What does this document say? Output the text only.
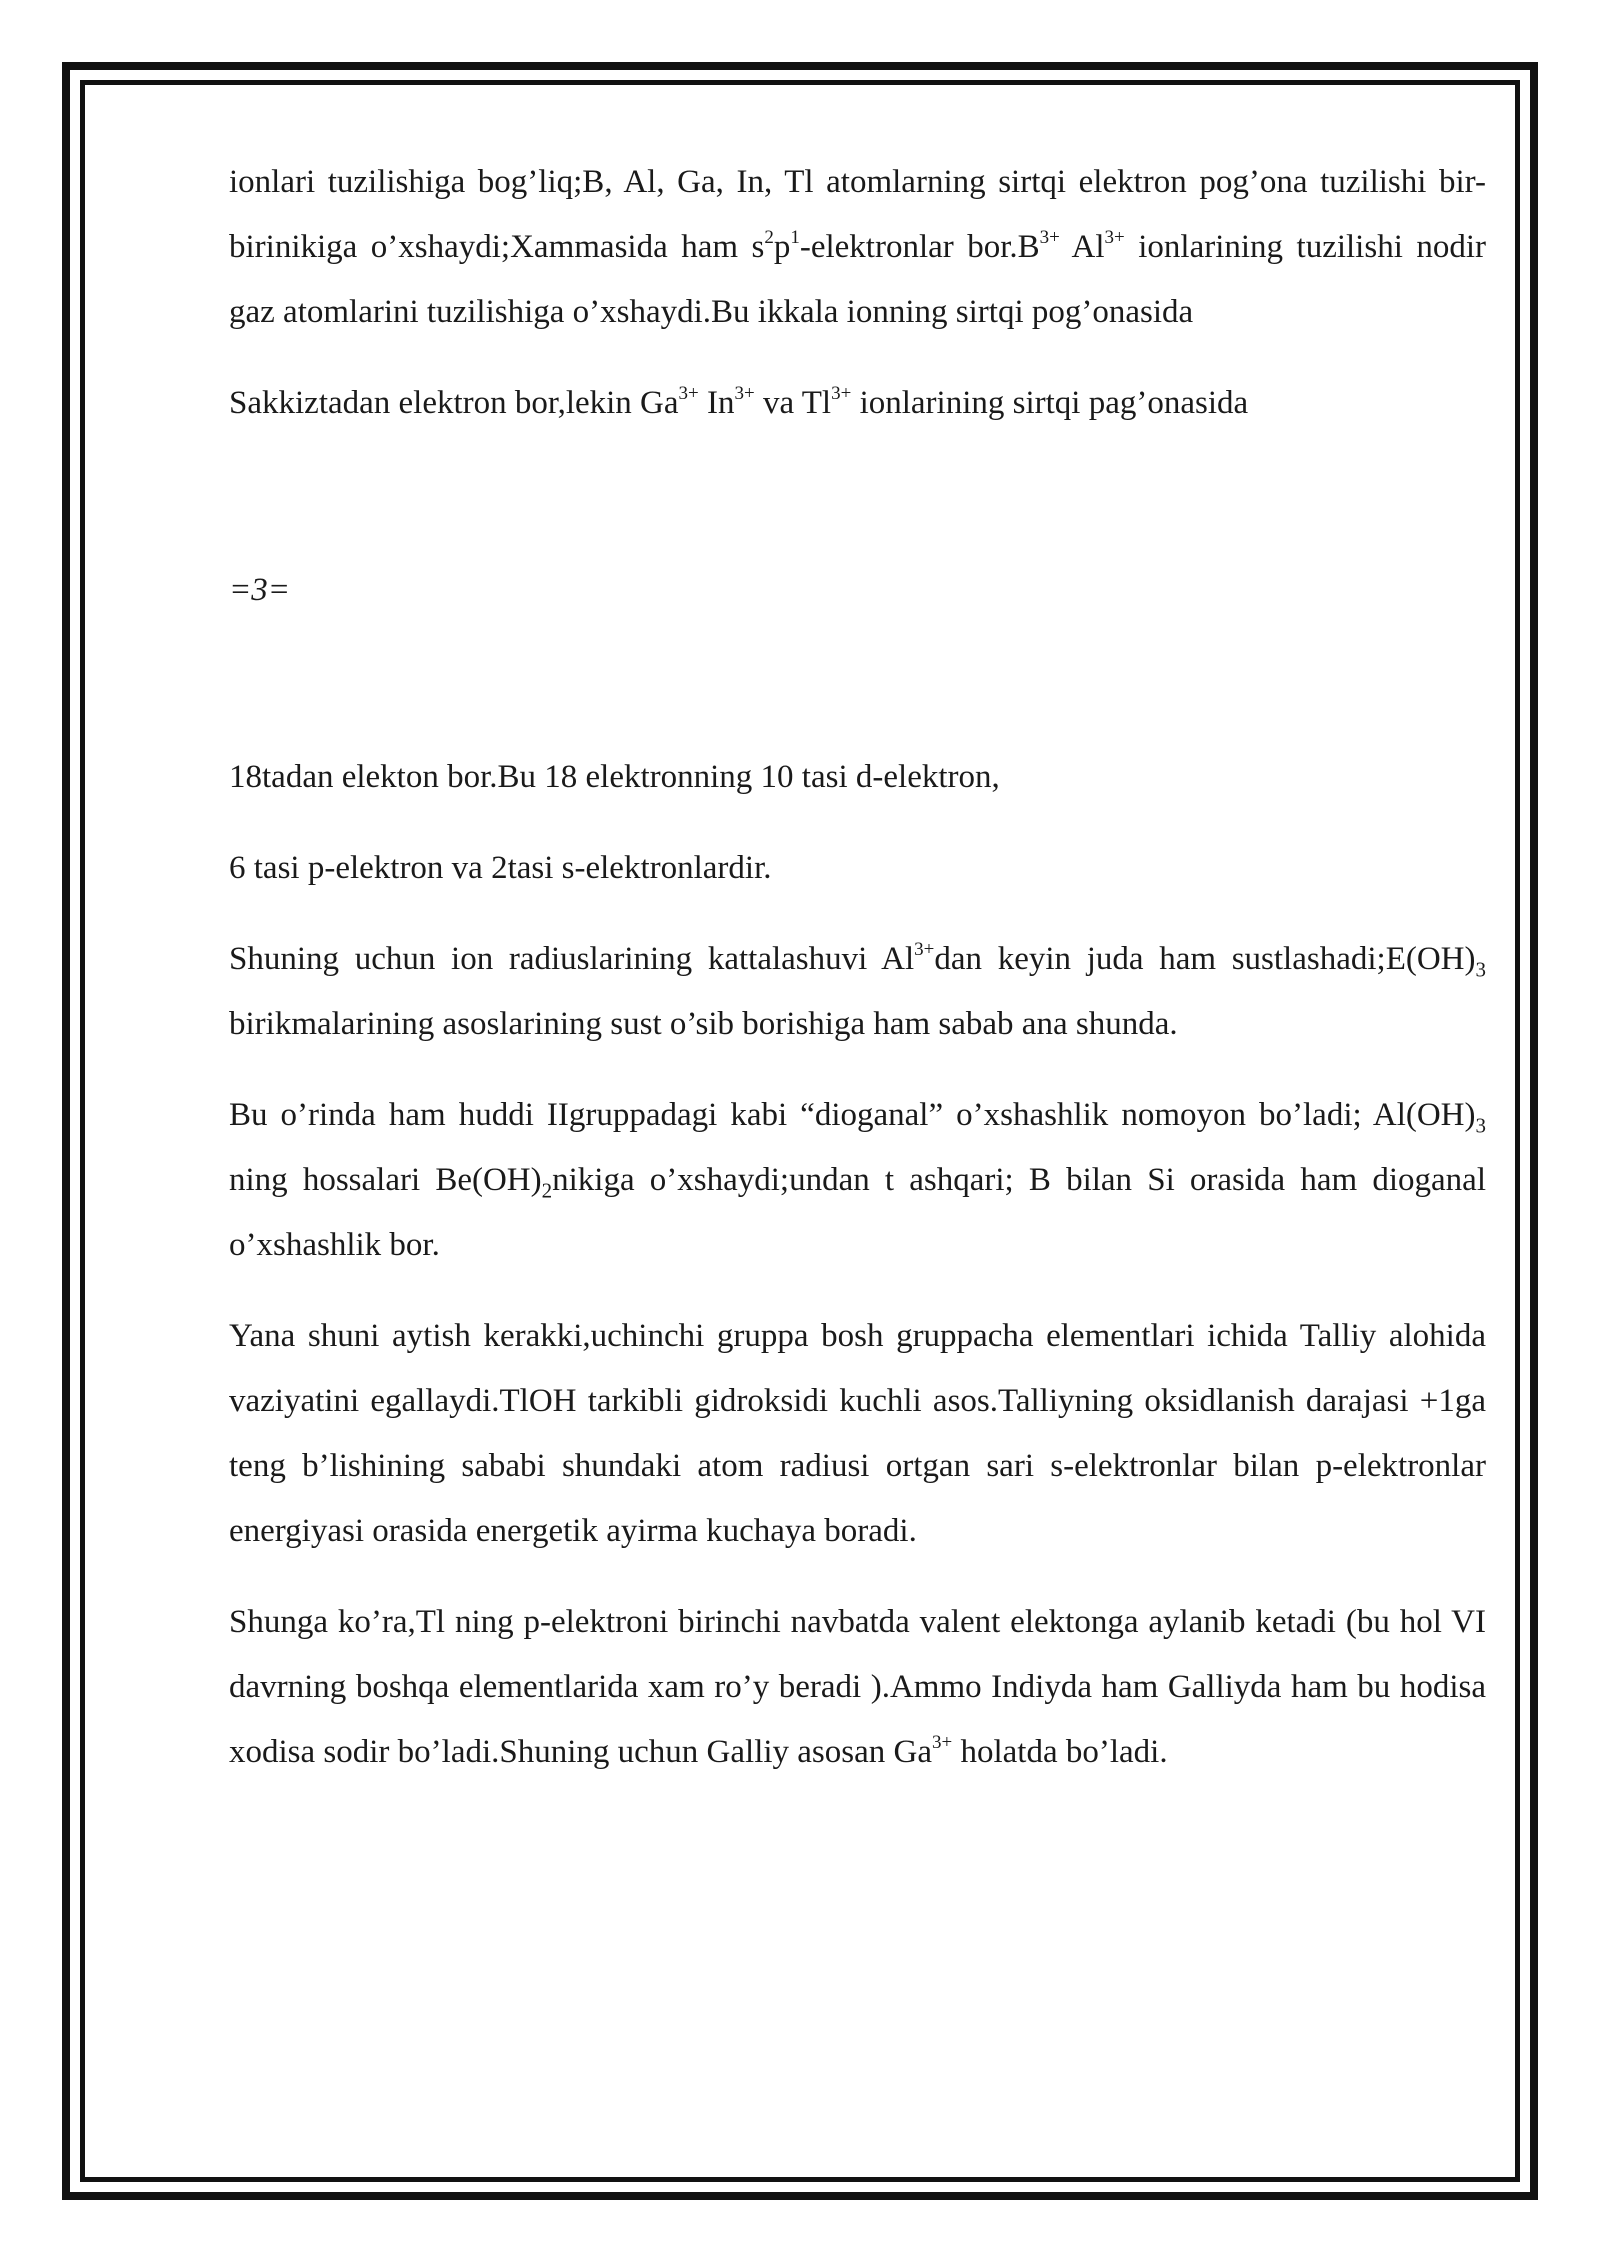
ionlari tuzilishiga bog’liq;B, Al, Ga, In, Tl atomlarning sirtqi elektron pog’ona tuzilishi bir-birinikiga o’xshaydi;Xammasida ham $s^2p^1$-elektronlar $bor.B^{3+}$ $Al^{3+}$ ionlarining tuzilishi nodir gaz atomlarini tuzilishiga o’xshaydi.Bu ikkala ionning sirtqi pog’onasida

Sakkiztadan elektron bor,lekin $Ga^{3+}$ $In^{3+}$ va $Tl^{3+}$ ionlarining sirtqi pag’onasida

=3=

18tadan elekton bor.Bu 18 elektronning 10 tasi d-elektron,

6 tasi p-elektron va 2tasi s-elektronlardir.

Shuning uchun ion radiuslarining kattalashuvi $Al^{3+}dan$ keyin juda ham $sustlashadi;E(OH)_3$ birikmalarining asoslarining sust o’sib borishiga ham sabab ana shunda.

Bu o’rinda ham huddi IIgruppadagi kabi “dioganal” o’xshashlik nomoyon bo’ladi; $Al(OH)_3$ ning hossalari $Be(OH)_2nikiga$ o’xshaydi;undan t ashqari; B bilan Si orasida ham dioganal o’xshashlik bor.

Yana shuni aytish kerakki,uchinchi gruppa bosh gruppacha elementlari ichida Talliy alohida vaziyatini egallaydi.TlOH tarkibli gidroksidi kuchli asos.Talliyning oksidlanish darajasi +1ga teng b’lishining sababi shundaki atom radiusi ortgan sari s-elektronlar bilan p-elektronlar energiyasi orasida energetik ayirma kuchaya boradi.

Shunga ko’ra,Tl ning p-elektroni birinchi navbatda valent elektonga aylanib ketadi (bu hol VI davrning boshqa elementlarida xam ro’y beradi ).Ammo Indiyda ham Galliyda ham bu hodisa xodisa sodir bo’ladi.Shuning uchun Galliy asosan $Ga^{3+}$ holatda bo’ladi.
